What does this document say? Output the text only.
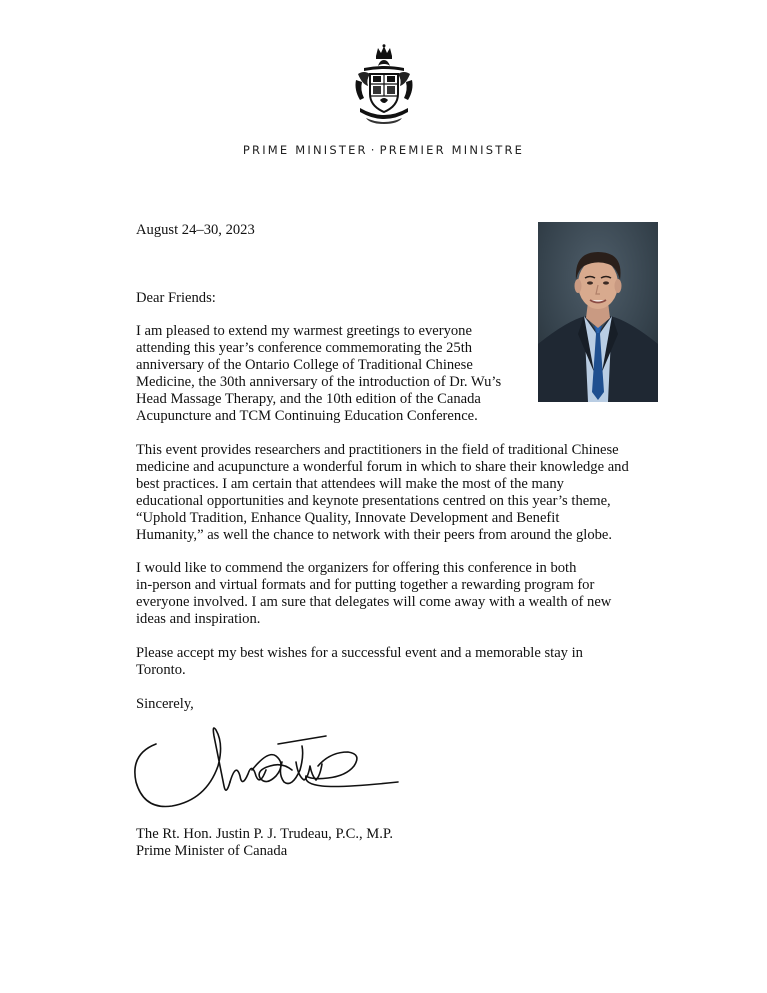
PRIME MINISTER · PREMIER MINISTRE
August 24–30, 2023
Dear Friends:

I am pleased to extend my warmest greetings to everyone
attending this year’s conference commemorating the 25th
anniversary of the Ontario College of Traditional Chinese
Medicine, the 30th anniversary of the introduction of Dr. Wu’s
Head Massage Therapy, and the 10th edition of the Canada
Acupuncture and TCM Continuing Education Conference.

This event provides researchers and practitioners in the field of traditional Chinese
medicine and acupuncture a wonderful forum in which to share their knowledge and
best practices. I am certain that attendees will make the most of the many
educational opportunities and keynote presentations centred on this year’s theme,
“Uphold Tradition, Enhance Quality, Innovate Development and Benefit
Humanity,” as well the chance to network with their peers from around the globe.

I would like to commend the organizers for offering this conference in both
in-person and virtual formats and for putting together a rewarding program for
everyone involved. I am sure that delegates will come away with a wealth of new
ideas and inspiration.

Please accept my best wishes for a successful event and a memorable stay in
Toronto.

Sincerely,
The Rt. Hon. Justin P. J. Trudeau, P.C., M.P.
Prime Minister of Canada
